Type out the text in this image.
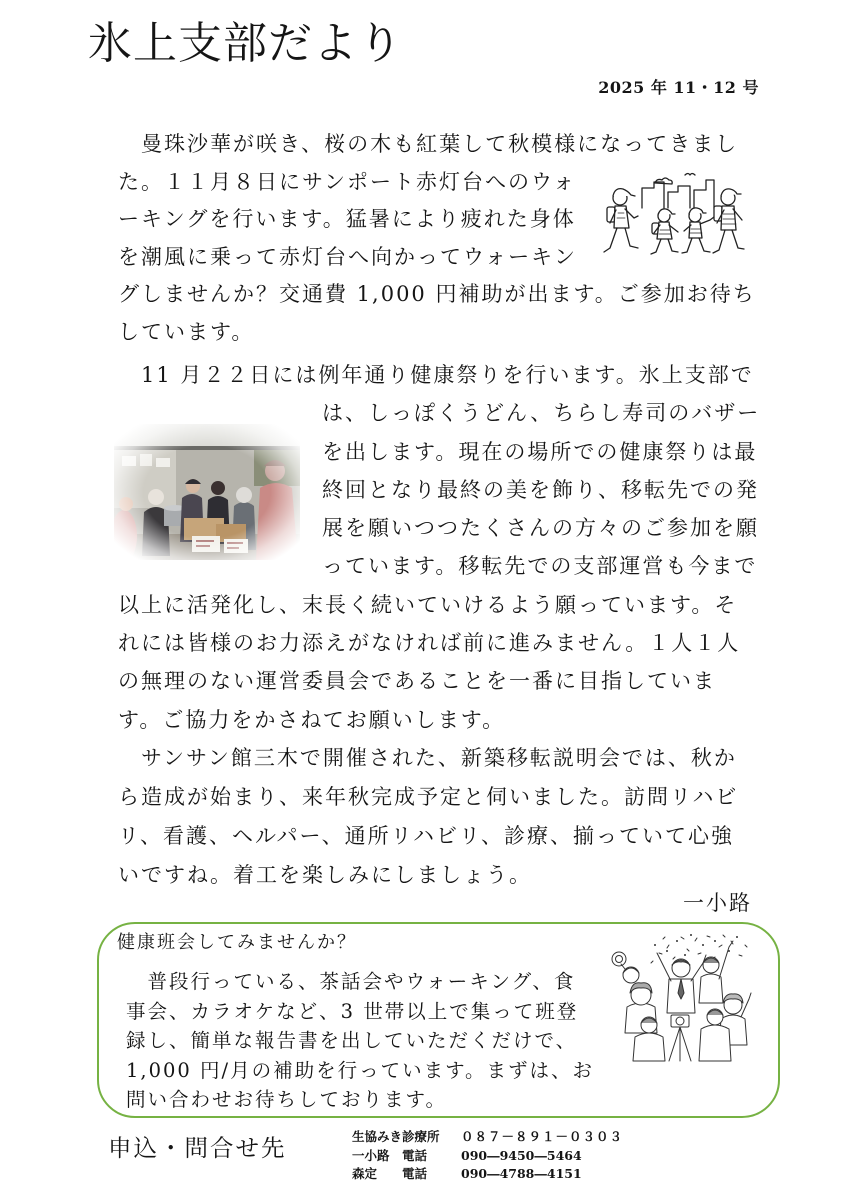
氷上支部だより
2025 年 11・12 号
　曼珠沙華が咲き、桜の木も紅葉して秋模様になってきまし
た。１１月８日にサンポート赤灯台へのウォ
ーキングを行います。猛暑により疲れた身体
を潮風に乗って赤灯台へ向かってウォーキン
グしませんか？交通費 1,000 円補助が出ます。ご参加お待ち
しています。
　11 月２２日には例年通り健康祭りを行います。氷上支部で
は、しっぽくうどん、ちらし寿司のバザー
を出します。現在の場所での健康祭りは最
終回となり最終の美を飾り、移転先での発
展を願いつつたくさんの方々のご参加を願
っています。移転先での支部運営も今まで
以上に活発化し、末長く続いていけるよう願っています。そ
れには皆様のお力添えがなければ前に進みません。１人１人
の無理のない運営委員会であることを一番に目指していま
す。ご協力をかさねてお願いします。
　サンサン館三木で開催された、新築移転説明会では、秋か
ら造成が始まり、来年秋完成予定と伺いました。訪問リハビ
リ、看護、ヘルパー、通所リハビリ、診療、揃っていて心強
いですね。着工を楽しみにしましょう。
一小路
健康班会してみませんか？
　普段行っている、茶話会やウォーキング、食
事会、カラオケなど、3 世帯以上で集って班登
録し、簡単な報告書を出していただくだけで、
1,000 円/月の補助を行っています。まずは、お
問い合わせお待ちしております。
申込・問合せ先	生協みき診療所 ０８７－８９１－０３０３
一小路 電話	090―9450―5464
森定 電話	090―4788―4151
